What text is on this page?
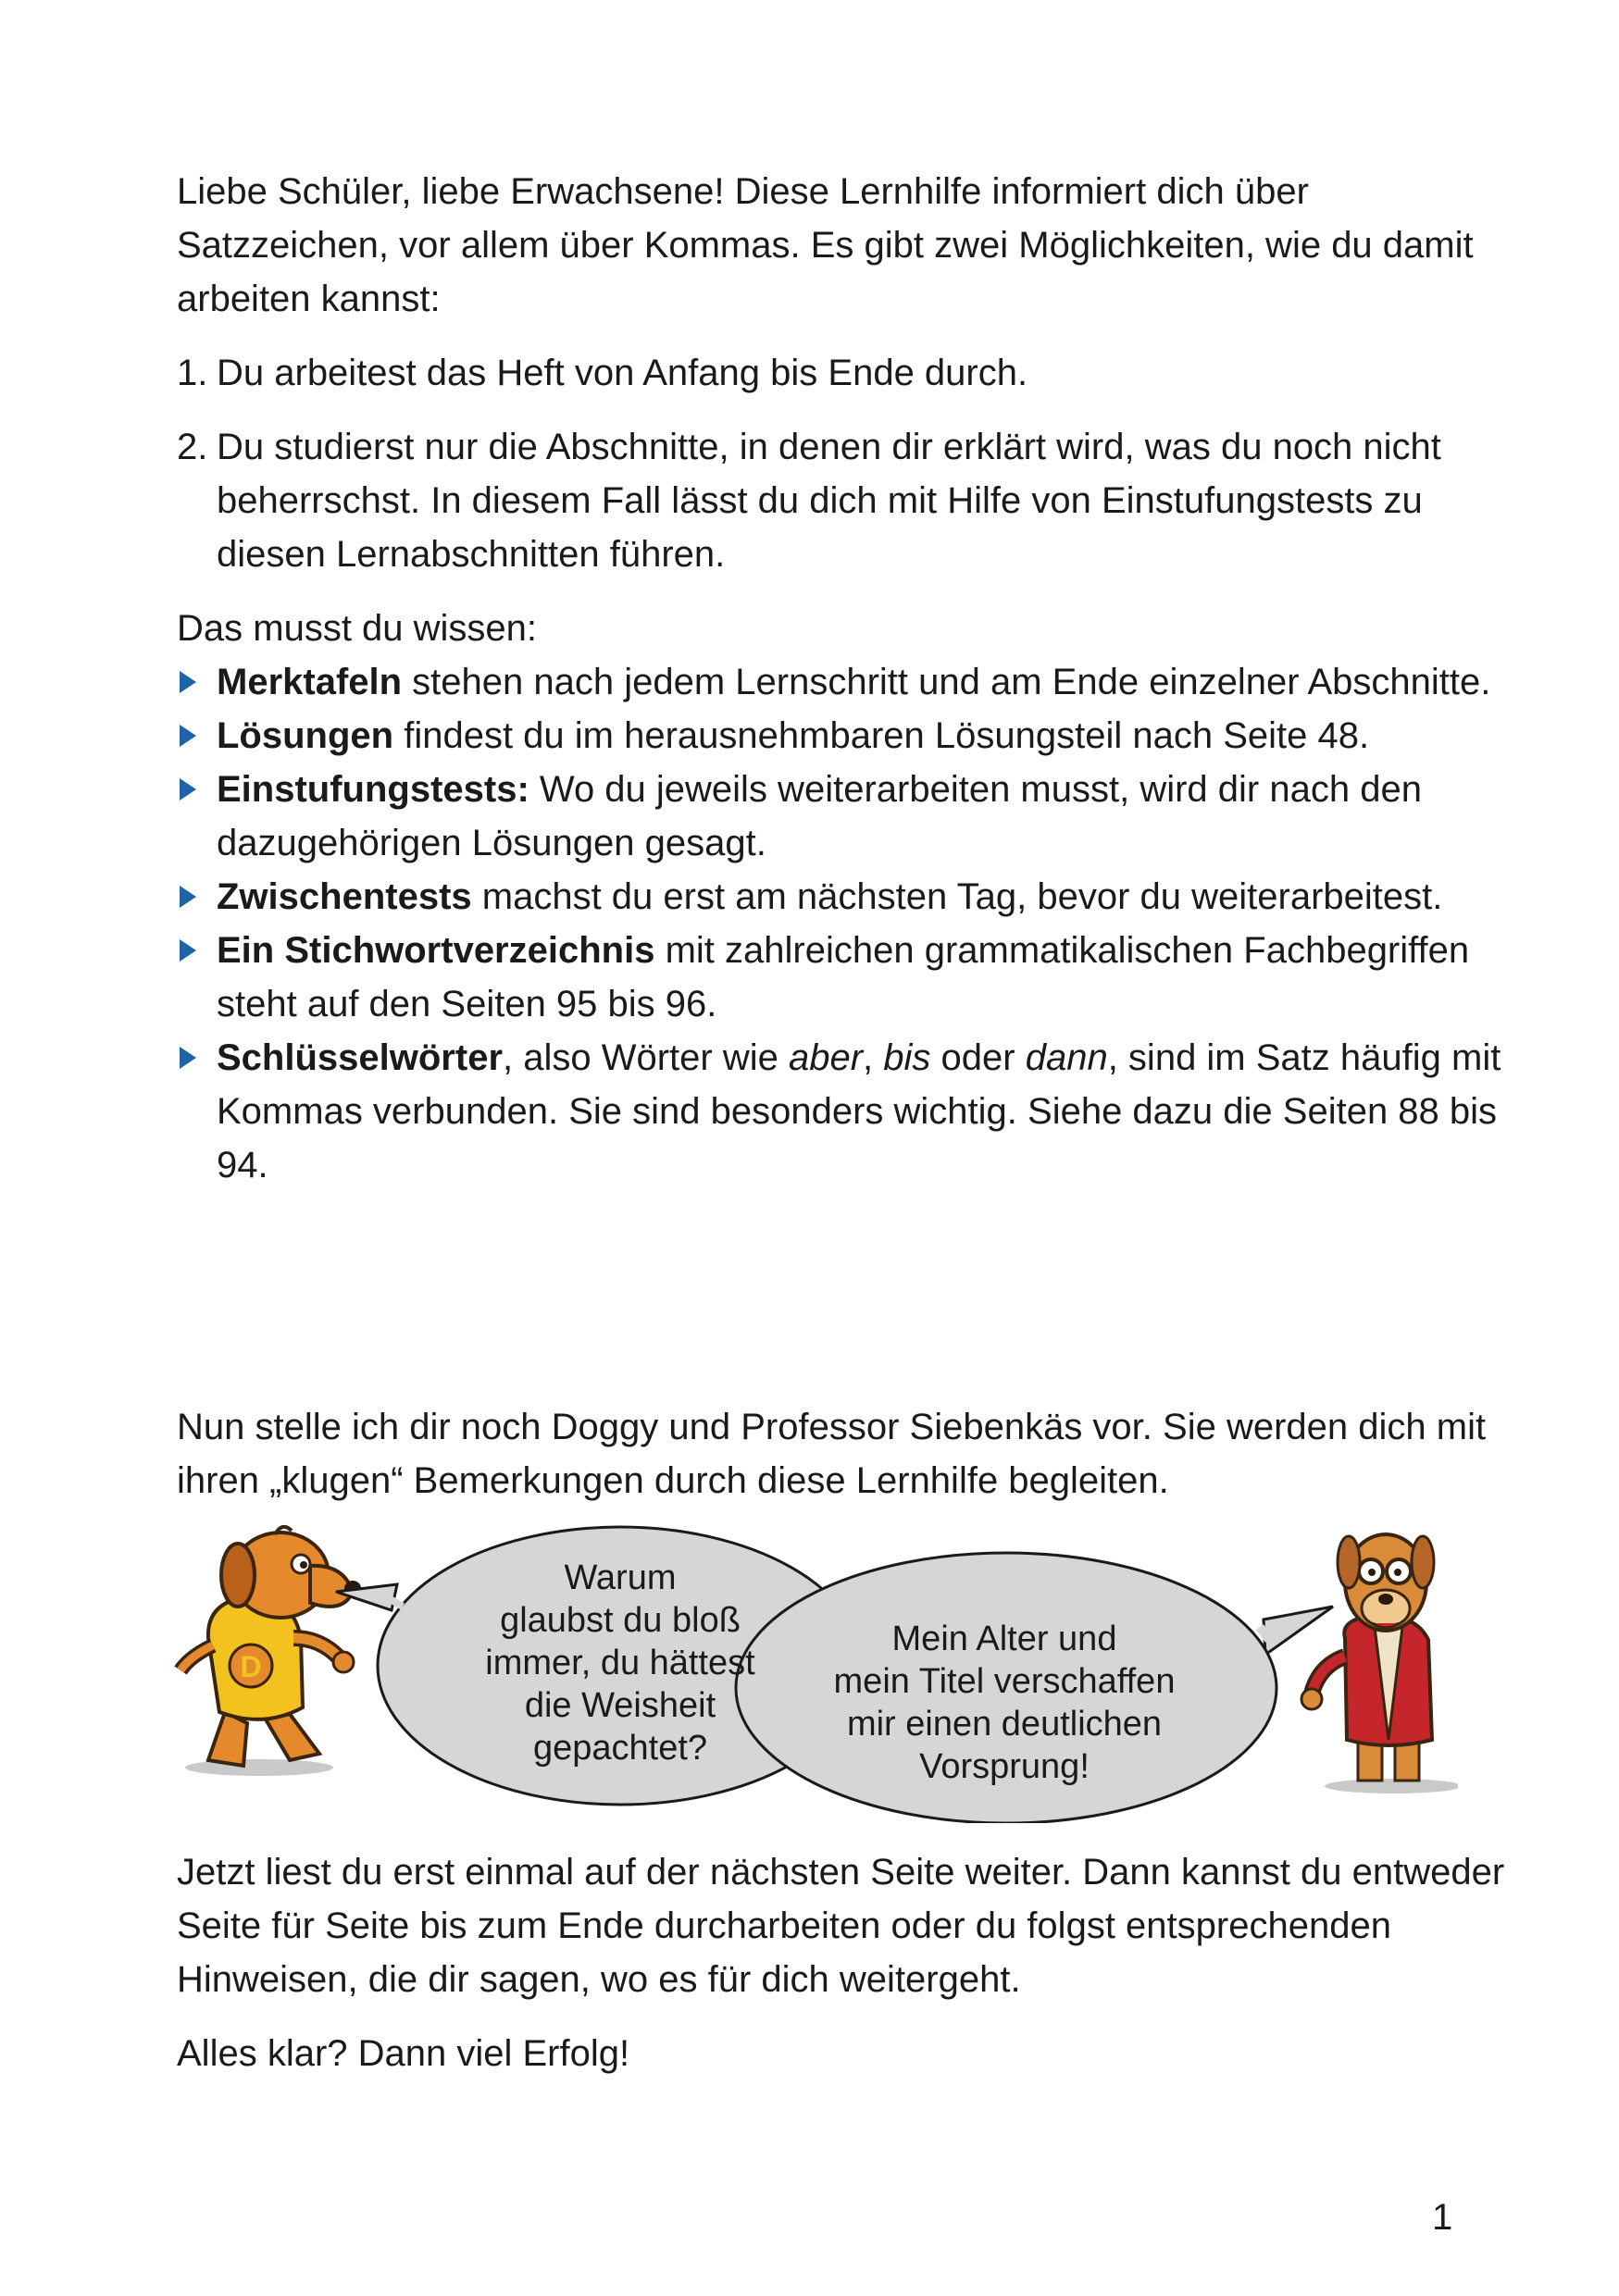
Liebe Schüler, liebe Erwachsene! Diese Lernhilfe informiert dich über Satzzeichen, vor allem über Kommas. Es gibt zwei Möglichkeiten, wie du damit arbeiten kannst:

1. Du arbeitest das Heft von Anfang bis Ende durch.
2. Du studierst nur die Abschnitte, in denen dir erklärt wird, was du noch nicht beherrschst. In diesem Fall lässt du dich mit Hilfe von Einstufungstests zu diesen Lernabschnitten führen.

Das musst du wissen:

Merktafeln stehen nach jedem Lernschritt und am Ende einzelner Abschnitte.
Lösungen findest du im herausnehmbaren Lösungsteil nach Seite 48.
Einstufungstests: Wo du jeweils weiterarbeiten musst, wird dir nach den dazugehörigen Lösungen gesagt.
Zwischentests machst du erst am nächsten Tag, bevor du weiterarbeitest.
Ein Stichwortverzeichnis mit zahlreichen grammatikalischen Fachbegriffen steht auf den Seiten 95 bis 96.
Schlüsselwörter, also Wörter wie aber, bis oder dann, sind im Satz häufig mit Kommas verbunden. Sie sind besonders wichtig. Siehe dazu die Seiten 88 bis 94.

Nun stelle ich dir noch Doggy und Professor Siebenkäs vor. Sie werden dich mit ihren „klugen“ Bemerkungen durch diese Lernhilfe begleiten.

D
Warum
glaubst du bloß
immer, du hättest
die Weisheit
gepachtet?
Mein Alter und
mein Titel verschaffen
mir einen deutlichen
Vorsprung!

Jetzt liest du erst einmal auf der nächsten Seite weiter. Dann kannst du entweder Seite für Seite bis zum Ende durcharbeiten oder du folgst entsprechenden Hinweisen, die dir sagen, wo es für dich weitergeht.

Alles klar? Dann viel Erfolg!

1
